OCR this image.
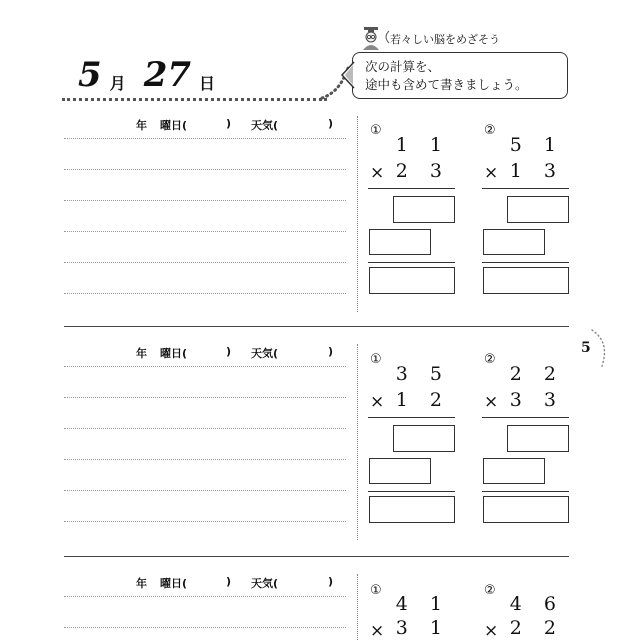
5 月 27 日
若々しい脳をめざそう
次の計算を、
途中も含めて書きましょう。
5
年 曜日(	) 天気(	)	①
1 1
× 2 3
②
5 1
× 1 3
年 曜日(	) 天気(	)
①
3 5
× 1 2
②
2 2
× 3 3
年 曜日(	) 天気(	)
①
4 1
× 3 1
②
4 6
× 2 2
